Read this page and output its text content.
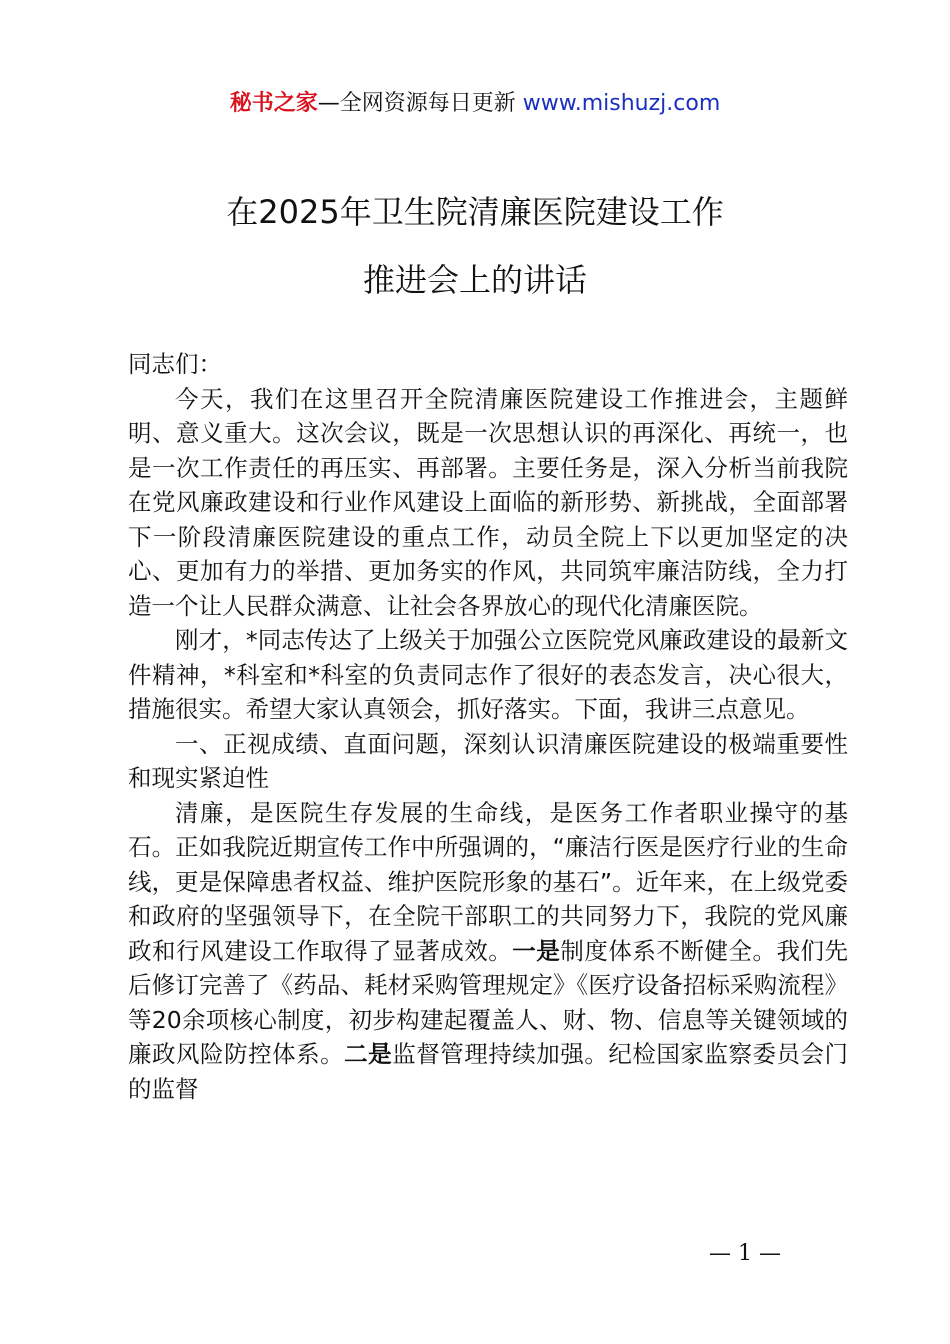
秘书之家—全网资源每日更新 www.mishuzj.com
在2025年卫生院清廉医院建设工作
推进会上的讲话

同志们：

今天，我们在这里召开全院清廉医院建设工作推进会，主题鲜明、意义重大。这次会议，既是一次思想认识的再深化、再统一，也是一次工作责任的再压实、再部署。主要任务是，深入分析当前我院在党风廉政建设和行业作风建设上面临的新形势、新挑战，全面部署下一阶段清廉医院建设的重点工作，动员全院上下以更加坚定的决心、更加有力的举措、更加务实的作风，共同筑牢廉洁防线，全力打造一个让人民群众满意、让社会各界放心的现代化清廉医院。

刚才，*同志传达了上级关于加强公立医院党风廉政建设的最新文件精神，*科室和*科室的负责同志作了很好的表态发言，决心很大，措施很实。希望大家认真领会，抓好落实。下面，我讲三点意见。

一、正视成绩、直面问题，深刻认识清廉医院建设的极端重要性和现实紧迫性

清廉，是医院生存发展的生命线，是医务工作者职业操守的基石。正如我院近期宣传工作中所强调的，“廉洁行医是医疗行业的生命线，更是保障患者权益、维护医院形象的基石”。近年来，在上级党委和政府的坚强领导下，在全院干部职工的共同努力下，我院的党风廉政和行风建设工作取得了显著成效。一是制度体系不断健全。我们先后修订完善了《药品、耗材采购管理规定》《医疗设备招标采购流程》等20余项核心制度，初步构建起覆盖人、财、物、信息等关键领域的廉政风险防控体系。二是监督管理持续加强。纪检国家监察委员会门的监督

— 1 —
